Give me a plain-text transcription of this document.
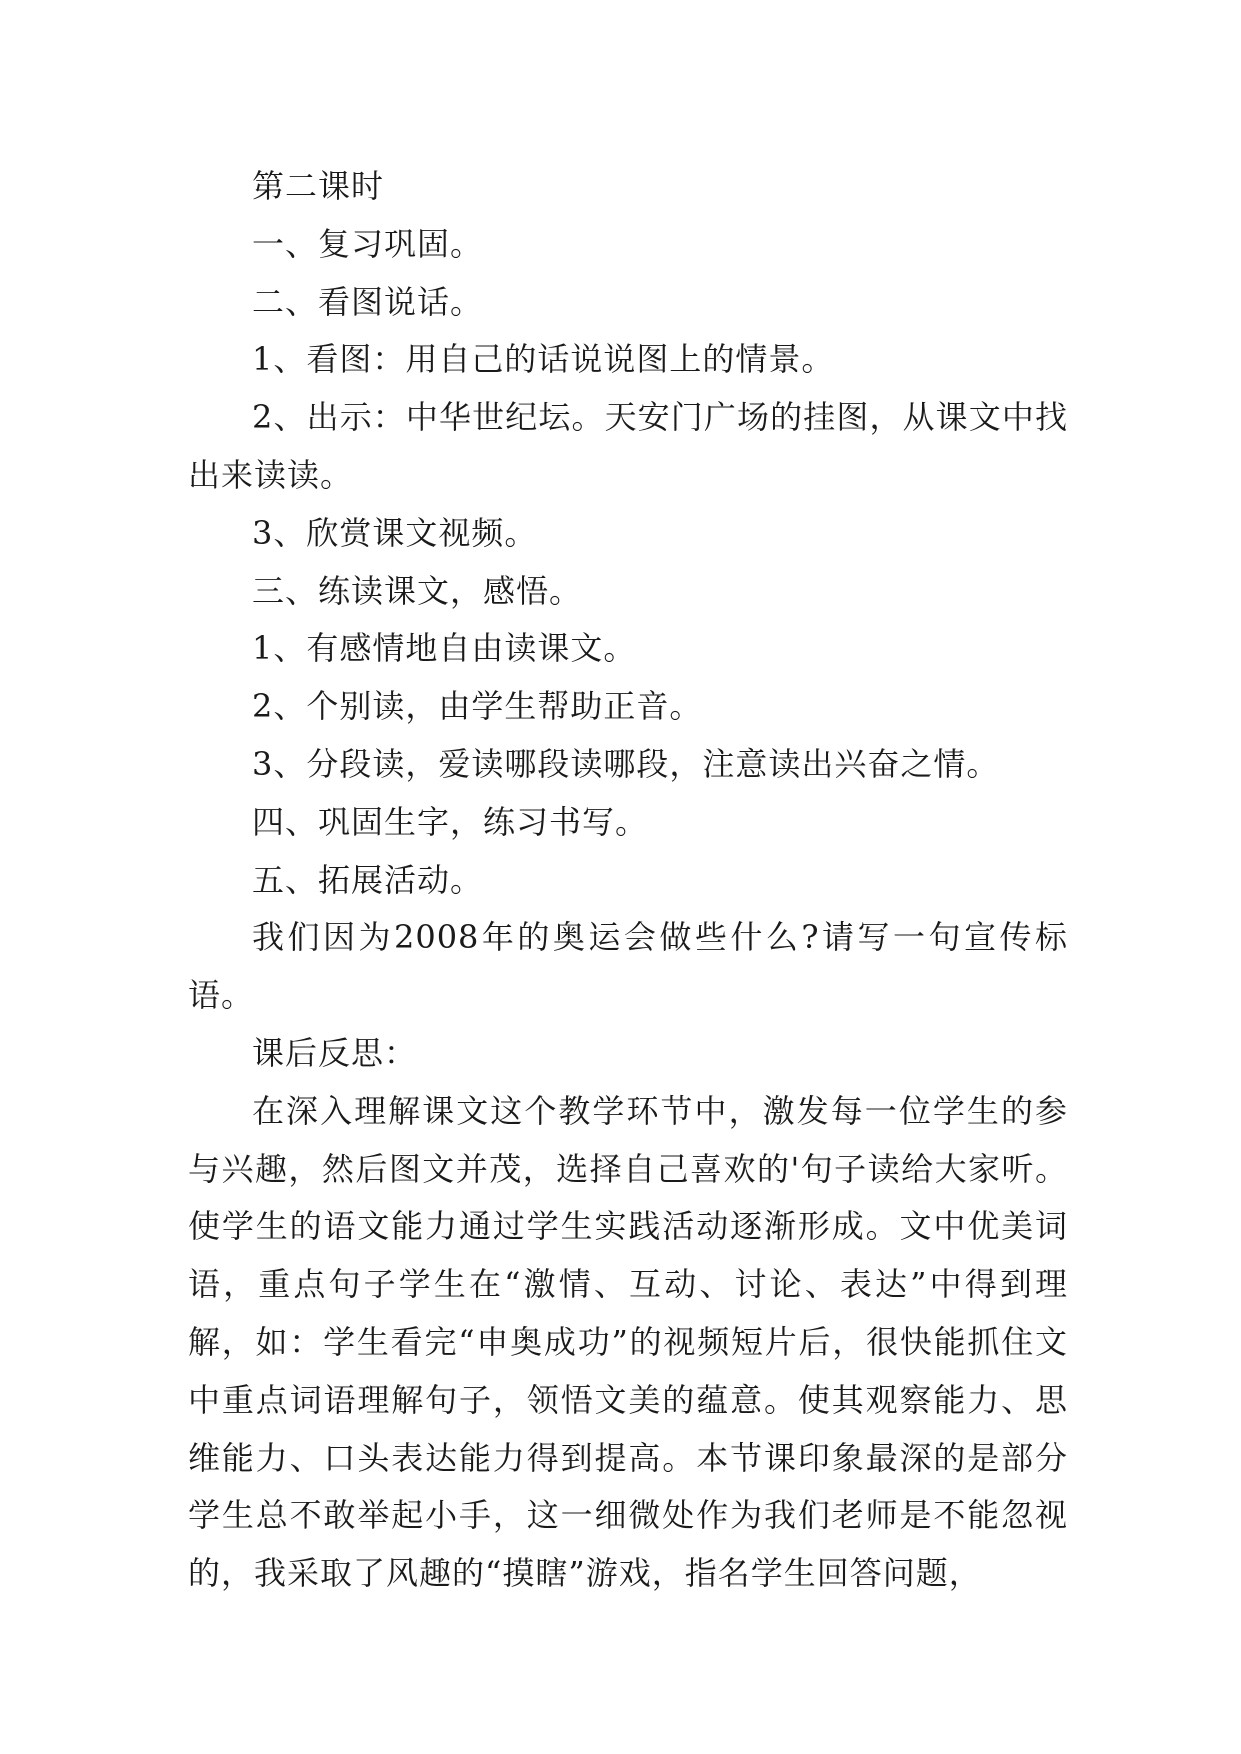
第二课时

一、复习巩固。

二、看图说话。

1、看图：用自己的话说说图上的情景。

2、出示：中华世纪坛。天安门广场的挂图，从课文中找出来读读。

3、欣赏课文视频。

三、练读课文，感悟。

1、有感情地自由读课文。

2、个别读，由学生帮助正音。

3、分段读，爱读哪段读哪段，注意读出兴奋之情。

四、巩固生字，练习书写。

五、拓展活动。

我们因为2008年的奥运会做些什么?请写一句宣传标语。

课后反思：

在深入理解课文这个教学环节中，激发每一位学生的参与兴趣，然后图文并茂，选择自己喜欢的'句子读给大家听。使学生的语文能力通过学生实践活动逐渐形成。文中优美词语，重点句子学生在“激情、互动、讨论、表达”中得到理解，如：学生看完“申奥成功”的视频短片后，很快能抓住文中重点词语理解句子，领悟文美的蕴意。使其观察能力、思维能力、口头表达能力得到提高。本节课印象最深的是部分学生总不敢举起小手，这一细微处作为我们老师是不能忽视的，我采取了风趣的“摸瞎”游戏，指名学生回答问题，
